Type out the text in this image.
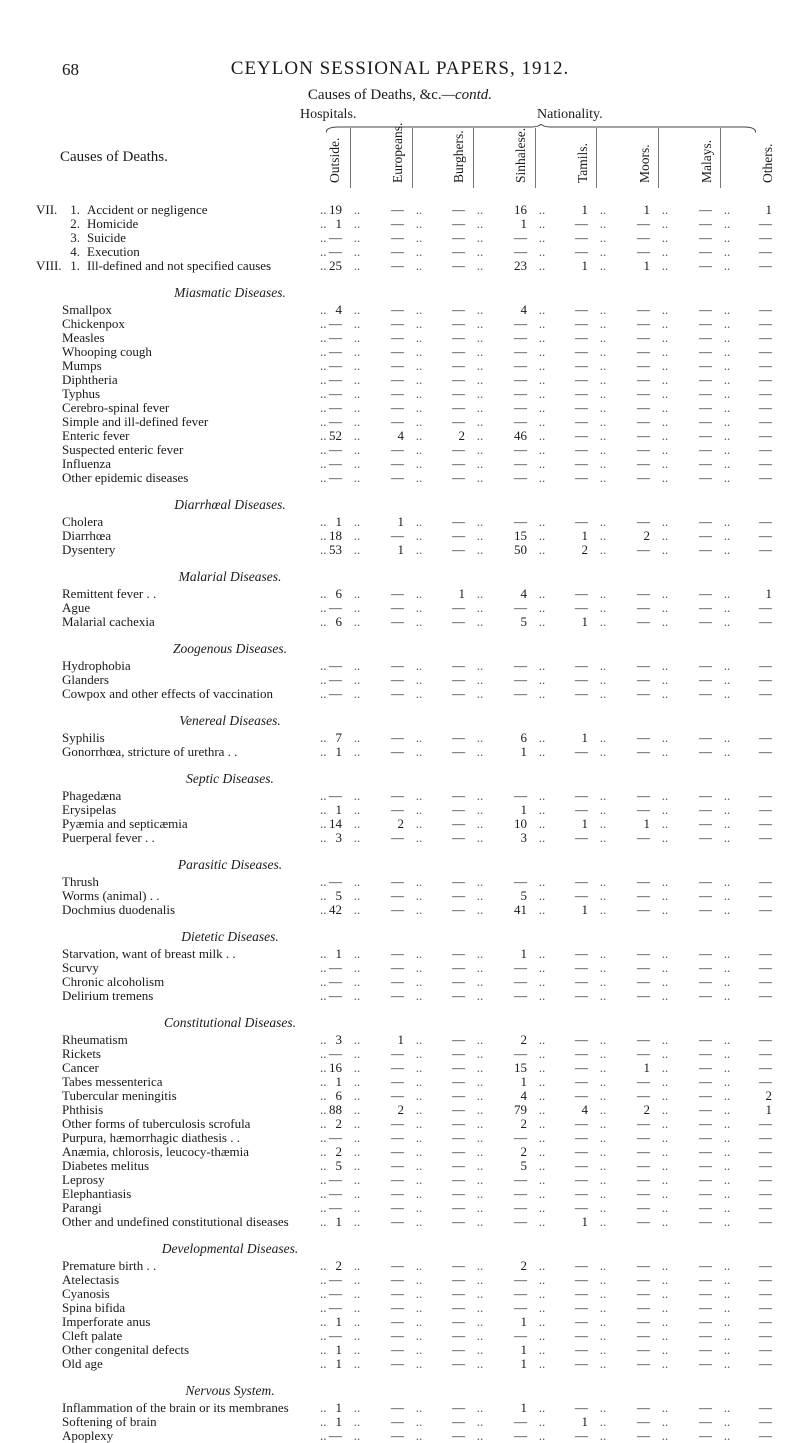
68	CEYLON SESSIONAL PAPERS, 1912.
Causes of Deaths, &c.—contd.
Hospitals.	Nationality.
Causes of Deaths.	Outside.	Europeans.	Burghers.	Sinhalese.	Tamils.	Moors.	Malays.	Others.
VII. 1. Accident or negligence	.. 19 ..	— ..	— ..	16 ..	1 ..	1 ..	— ..	1
2. Homicide	.. 1 ..	— ..	— ..	1 ..	— ..	— ..	— ..	—
3. Suicide	.. — ..	— ..	— ..	— ..	— ..	— ..	— ..	—
4. Execution	.. — ..	— ..	— ..	— ..	— ..	— ..	— ..	—
VIII. 1. Ill-defined and not specified causes	.. 25 ..	— ..	— ..	23 ..	1 ..	1 ..	— ..	—
Miasmatic Diseases.
Smallpox	.. 4 ..	— ..	— ..	4 ..	— ..	— ..	— ..	—
Chickenpox	.. — ..	— ..	— ..	— ..	— ..	— ..	— ..	—
Measles	.. — ..	— ..	— ..	— ..	— ..	— ..	— ..	—
Whooping cough	.. — ..	— ..	— ..	— ..	— ..	— ..	— ..	—
Mumps	.. — ..	— ..	— ..	— ..	— ..	— ..	— ..	—
Diphtheria	.. — ..	— ..	— ..	— ..	— ..	— ..	— ..	—
Typhus	.. — ..	— ..	— ..	— ..	— ..	— ..	— ..	—
Cerebro-spinal fever	.. — ..	— ..	— ..	— ..	— ..	— ..	— ..	—
Simple and ill-defined fever	.. — ..	— ..	— ..	— ..	— ..	— ..	— ..	—
Enteric fever	.. 52 ..	4 ..	2 ..	46 ..	— ..	— ..	— ..	—
Suspected enteric fever	.. — ..	— ..	— ..	— ..	— ..	— ..	— ..	—
Influenza	.. — ..	— ..	— ..	— ..	— ..	— ..	— ..	—
Other epidemic diseases	.. — ..	— ..	— ..	— ..	— ..	— ..	— ..	—
Diarrhœal Diseases.
Cholera	.. 1 ..	1 ..	— ..	— ..	— ..	— ..	— ..	—
Diarrhœa	.. 18 ..	— ..	— ..	15 ..	1 ..	2 ..	— ..	—
Dysentery	.. 53 ..	1 ..	— ..	50 ..	2 ..	— ..	— ..	—
Malarial Diseases.
Remittent fever . .	.. 6 ..	— ..	1 ..	4 ..	— ..	— ..	— ..	1
Ague	.. — ..	— ..	— ..	— ..	— ..	— ..	— ..	—
Malarial cachexia	.. 6 ..	— ..	— ..	5 ..	1 ..	— ..	— ..	—
Zoogenous Diseases.
Hydrophobia	.. — ..	— ..	— ..	— ..	— ..	— ..	— ..	—
Glanders	.. — ..	— ..	— ..	— ..	— ..	— ..	— ..	—
Cowpox and other effects of vaccination	.. — ..	— ..	— ..	— ..	— ..	— ..	— ..	—
Venereal Diseases.
Syphilis	.. 7 ..	— ..	— ..	6 ..	1 ..	— ..	— ..	—
Gonorrhœa, stricture of urethra . .	.. 1 ..	— ..	— ..	1 ..	— ..	— ..	— ..	—
Septic Diseases.
Phagedæna	.. — ..	— ..	— ..	— ..	— ..	— ..	— ..	—
Erysipelas	.. 1 ..	— ..	— ..	1 ..	— ..	— ..	— ..	—
Pyæmia and septicæmia	.. 14 ..	2 ..	— ..	10 ..	1 ..	1 ..	— ..	—
Puerperal fever . .	.. 3 ..	— ..	— ..	3 ..	— ..	— ..	— ..	—
Parasitic Diseases.
Thrush	.. — ..	— ..	— ..	— ..	— ..	— ..	— ..	—
Worms (animal) . .	.. 5 ..	— ..	— ..	5 ..	— ..	— ..	— ..	—
Dochmius duodenalis	.. 42 ..	— ..	— ..	41 ..	1 ..	— ..	— ..	—
Dietetic Diseases.
Starvation, want of breast milk . .	.. 1 ..	— ..	— ..	1 ..	— ..	— ..	— ..	—
Scurvy	.. — ..	— ..	— ..	— ..	— ..	— ..	— ..	—
Chronic alcoholism	.. — ..	— ..	— ..	— ..	— ..	— ..	— ..	—
Delirium tremens	.. — ..	— ..	— ..	— ..	— ..	— ..	— ..	—
Constitutional Diseases.
Rheumatism	.. 3 ..	1 ..	— ..	2 ..	— ..	— ..	— ..	—
Rickets	.. — ..	— ..	— ..	— ..	— ..	— ..	— ..	—
Cancer	.. 16 ..	— ..	— ..	15 ..	— ..	1 ..	— ..	—
Tabes messenterica	.. 1 ..	— ..	— ..	1 ..	— ..	— ..	— ..	—
Tubercular meningitis	.. 6 ..	— ..	— ..	4 ..	— ..	— ..	— ..	2
Phthisis	.. 88 ..	2 ..	— ..	79 ..	4 ..	2 ..	— ..	1
Other forms of tuberculosis scrofula	.. 2 ..	— ..	— ..	2 ..	— ..	— ..	— ..	—
Purpura, hæmorrhagic diathesis . .	.. — ..	— ..	— ..	— ..	— ..	— ..	— ..	—
Anæmia, chlorosis, leucocy-thæmia	.. 2 ..	— ..	— ..	2 ..	— ..	— ..	— ..	—
Diabetes melitus	.. 5 ..	— ..	— ..	5 ..	— ..	— ..	— ..	—
Leprosy	.. — ..	— ..	— ..	— ..	— ..	— ..	— ..	—
Elephantiasis	.. — ..	— ..	— ..	— ..	— ..	— ..	— ..	—
Parangi	.. — ..	— ..	— ..	— ..	— ..	— ..	— ..	—
Other and undefined constitutional diseases .. 1 ..	— ..	— ..	— ..	1 ..	— ..	— ..	—
Developmental Diseases.
Premature birth . .	.. 2 ..	— ..	— ..	2 ..	— ..	— ..	— ..	—
Atelectasis	.. — ..	— ..	— ..	— ..	— ..	— ..	— ..	—
Cyanosis	.. — ..	— ..	— ..	— ..	— ..	— ..	— ..	—
Spina bifida	.. — ..	— ..	— ..	— ..	— ..	— ..	— ..	—
Imperforate anus	.. 1 ..	— ..	— ..	1 ..	— ..	— ..	— ..	—
Cleft palate	.. — ..	— ..	— ..	— ..	— ..	— ..	— ..	—
Other congenital defects	.. 1 ..	— ..	— ..	1 ..	— ..	— ..	— ..	—
Old age	.. 1 ..	— ..	— ..	1 ..	— ..	— ..	— ..	—
Nervous System.
Inflammation of the brain or its membranes .. 1 ..	— ..	— ..	1 ..	— ..	— ..	— ..	—
Softening of brain	.. 1 ..	— ..	— ..	— ..	1 ..	— ..	— ..	—
Apoplexy	.. — ..	— ..	— ..	— ..	— ..	— ..	— ..	—
